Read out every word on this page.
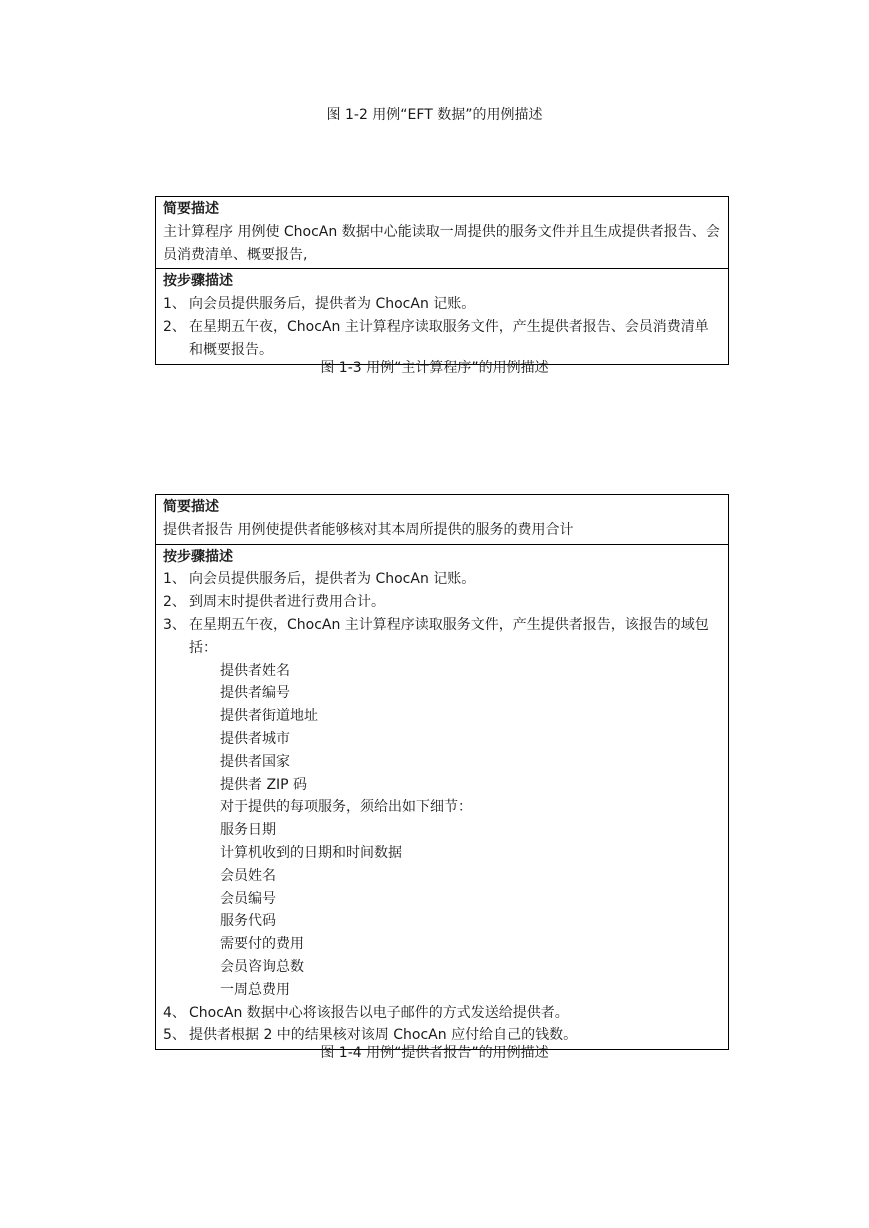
图 1-2 用例“EFT 数据”的用例描述
简要描述
主计算程序 用例使 ChocAn 数据中心能读取一周提供的服务文件并且生成提供者报告、会员消费清单、概要报告,
按步骤描述
1、 向会员提供服务后，提供者为 ChocAn 记账。
2、 在星期五午夜，ChocAn 主计算程序读取服务文件，产生提供者报告、会员消费清单和概要报告。
图 1-3 用例“主计算程序”的用例描述
简要描述
提供者报告 用例使提供者能够核对其本周所提供的服务的费用合计
按步骤描述
1、 向会员提供服务后，提供者为 ChocAn 记账。
2、 到周末时提供者进行费用合计。
3、 在星期五午夜，ChocAn 主计算程序读取服务文件，产生提供者报告，该报告的域包括：
提供者姓名
提供者编号
提供者街道地址
提供者城市
提供者国家
提供者 ZIP 码
对于提供的每项服务，须给出如下细节：
服务日期
计算机收到的日期和时间数据
会员姓名
会员编号
服务代码
需要付的费用
会员咨询总数
一周总费用
4、 ChocAn 数据中心将该报告以电子邮件的方式发送给提供者。
5、 提供者根据 2 中的结果核对该周 ChocAn 应付给自己的钱数。
图 1-4 用例“提供者报告”的用例描述
